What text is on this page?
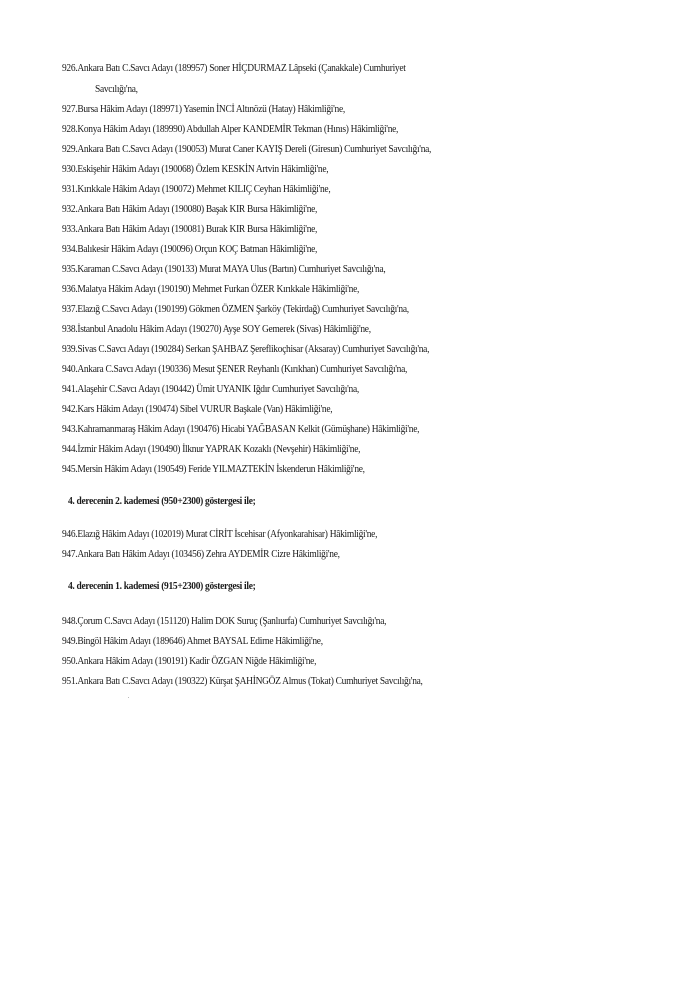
926.Ankara Batı C.Savcı Adayı (189957) Soner HİÇDURMAZ Lâpseki (Çanakkale) Cumhuriyet
Savcılığı'na,
927.Bursa Hâkim Adayı (189971) Yasemin İNCİ Altınözü (Hatay) Hâkimliği'ne,
928.Konya Hâkim Adayı (189990) Abdullah Alper KANDEMİR Tekman (Hınıs) Hâkimliği'ne,
929.Ankara Batı C.Savcı Adayı (190053) Murat Caner KAYIŞ Dereli (Giresun) Cumhuriyet Savcılığı'na,
930.Eskişehir Hâkim Adayı (190068) Özlem KESKİN Artvin Hâkimliği'ne,
931.Kırıkkale Hâkim Adayı (190072) Mehmet KILIÇ Ceyhan Hâkimliği'ne,
932.Ankara Batı Hâkim Adayı (190080) Başak KIR Bursa Hâkimliği'ne,
933.Ankara Batı Hâkim Adayı (190081) Burak KIR Bursa Hâkimliği'ne,
934.Balıkesir Hâkim Adayı (190096) Orçun KOÇ Batman Hâkimliği'ne,
935.Karaman C.Savcı Adayı (190133) Murat MAYA Ulus (Bartın) Cumhuriyet Savcılığı'na,
936.Malatya Hâkim Adayı (190190) Mehmet Furkan ÖZER Kırıkkale Hâkimliği'ne,
937.Elazığ C.Savcı Adayı (190199) Gökmen ÖZMEN Şarköy (Tekirdağ) Cumhuriyet Savcılığı'na,
938.İstanbul Anadolu Hâkim Adayı (190270) Ayşe SOY Gemerek (Sivas) Hâkimliği'ne,
939.Sivas C.Savcı Adayı (190284) Serkan ŞAHBAZ Şereflikoçhisar (Aksaray) Cumhuriyet Savcılığı'na,
940.Ankara C.Savcı Adayı (190336) Mesut ŞENER Reyhanlı (Kırıkhan) Cumhuriyet Savcılığı'na,
941.Alaşehir C.Savcı Adayı (190442) Ümit UYANIK Iğdır Cumhuriyet Savcılığı'na,
942.Kars Hâkim Adayı (190474) Sibel VURUR Başkale (Van) Hâkimliği'ne,
943.Kahramanmaraş Hâkim Adayı (190476) Hicabi YAĞBASAN Kelkit (Gümüşhane) Hâkimliği'ne,
944.İzmir Hâkim Adayı (190490) İlknur YAPRAK Kozaklı (Nevşehir) Hâkimliği'ne,
945.Mersin Hâkim Adayı (190549) Feride YILMAZTEKİN İskenderun Hâkimliği'ne,
4. derecenin 2. kademesi (950+2300) göstergesi ile;
946.Elazığ Hâkim Adayı (102019) Murat CİRİT İscehisar (Afyonkarahisar) Hâkimliği'ne,
947.Ankara Batı Hâkim Adayı (103456) Zehra AYDEMİR Cizre Hâkimliği'ne,
4. derecenin 1. kademesi (915+2300) göstergesi ile;
948.Çorum C.Savcı Adayı (151120) Halim DOK Suruç (Şanlıurfa) Cumhuriyet Savcılığı'na,
949.Bingöl Hâkim Adayı (189646) Ahmet BAYSAL Edirne Hâkimliği'ne,
950.Ankara Hâkim Adayı (190191) Kadir ÖZGAN Niğde Hâkimliği'ne,
951.Ankara Batı C.Savcı Adayı (190322) Kürşat ŞAHİNGÖZ Almus (Tokat) Cumhuriyet Savcılığı'na,
